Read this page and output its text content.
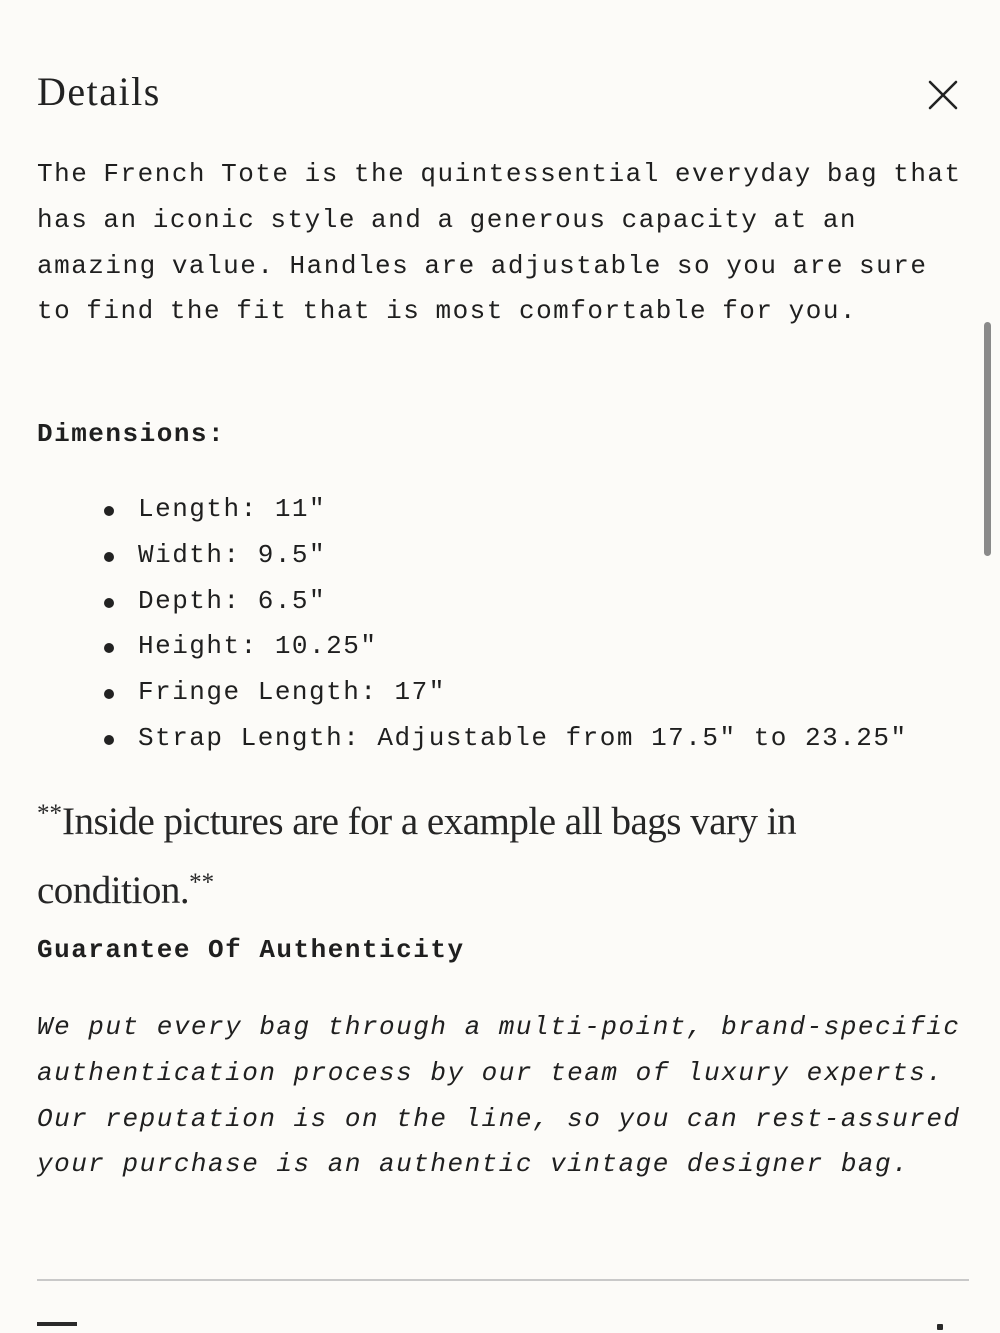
Details

The French Tote is the quintessential everyday bag that has an iconic style and a generous capacity at an amazing value. Handles are adjustable so you are sure to find the fit that is most comfortable for you.

Dimensions:
Length: 11"
Width: 9.5"
Depth: 6.5"
Height: 10.25"
Fringe Length: 17"
Strap Length: Adjustable from 17.5" to 23.25"

**Inside pictures are for a example all bags vary in condition.**

Guarantee Of Authenticity

We put every bag through a multi-point, brand-specific authentication process by our team of luxury experts. Our reputation is on the line, so you can rest-assured your purchase is an authentic vintage designer bag.
